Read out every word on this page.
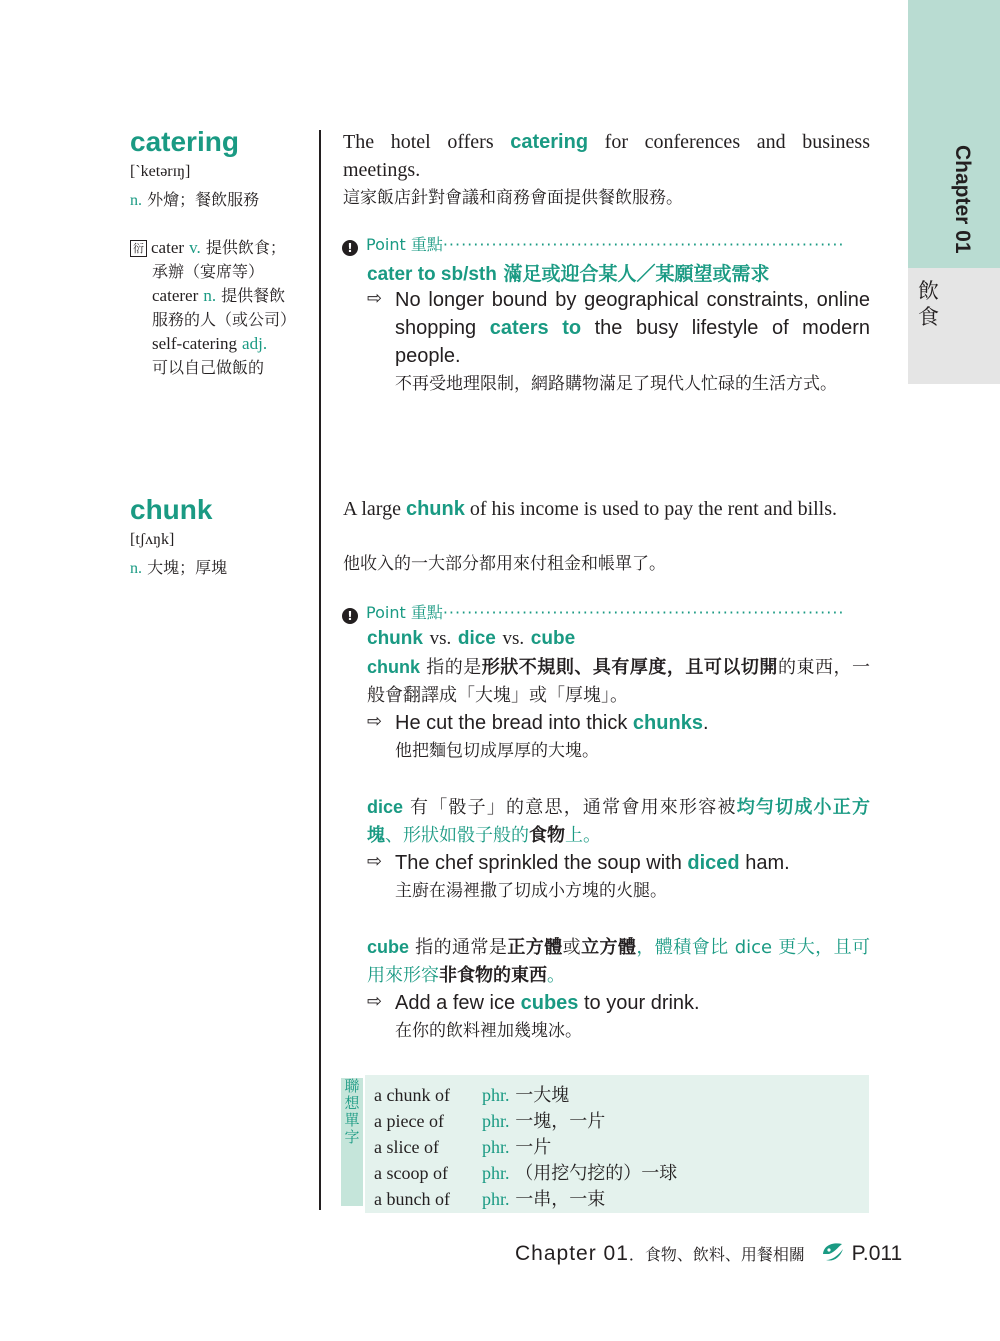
Chapter 01
飲食
catering
[ˋketərɪŋ]
n. 外燴；餐飲服務
衍 cater v. 提供飲食；
承辦（宴席等）
caterer n. 提供餐飲
服務的人（或公司）
self-catering adj.
可以自己做飯的
The hotel offers catering for conferences and business meetings.
這家飯店針對會議和商務會面提供餐飲服務。
! Point 重點··································································
cater to sb/sth 滿足或迎合某人／某願望或需求
⇨ No longer bound by geographical constraints, online shopping caters to the busy lifestyle of modern people.
不再受地理限制，網路購物滿足了現代人忙碌的生活方式。
chunk
[tʃʌŋk]
n. 大塊；厚塊
A large chunk of his income is used to pay the rent and bills.
他收入的一大部分都用來付租金和帳單了。
! Point 重點··································································
chunk vs. dice vs. cube
chunk 指的是形狀不規則、具有厚度，且可以切開的東西，一般會翻譯成「大塊」或「厚塊」。
⇨ He cut the bread into thick chunks.
他把麵包切成厚厚的大塊。
dice 有「骰子」的意思，通常會用來形容被均勻切成小正方塊、形狀如骰子般的食物上。
⇨ The chef sprinkled the soup with diced ham.
主廚在湯裡撒了切成小方塊的火腿。
cube 指的通常是正方體或立方體，體積會比 dice 更大，且可用來形容非食物的東西。
⇨ Add a few ice cubes to your drink.
在你的飲料裡加幾塊冰。
聯想單字
a chunk of phr. 一大塊
a piece of phr. 一塊，一片
a slice of phr. 一片
a scoop of phr. （用挖勺挖的）一球
a bunch of phr. 一串，一束
Chapter 01．食物、飲料、用餐相關 P.011
